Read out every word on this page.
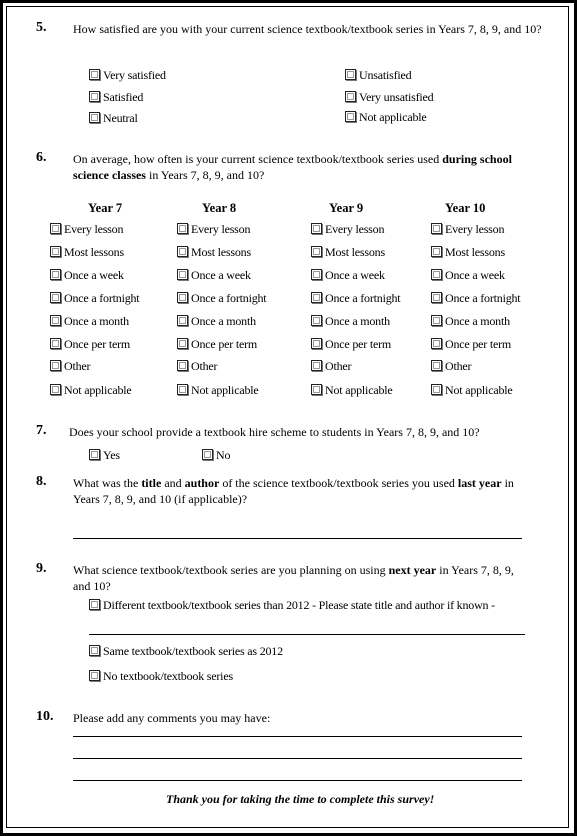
5. How satisfied are you with your current science textbook/textbook series in Years 7, 8, 9, and 10?
Very satisfied
Satisfied
Neutral
Unsatisfied
Very unsatisfied
Not applicable
6. On average, how often is your current science textbook/textbook series used during school science classes in Years 7, 8, 9, and 10?
Year 7	Year 8	Year 9	Year 10
Every lesson	Every lesson	Every lesson	Every lesson
Most lessons	Most lessons	Most lessons	Most lessons
Once a week	Once a week	Once a week	Once a week
Once a fortnight	Once a fortnight	Once a fortnight	Once a fortnight
Once a month	Once a month	Once a month	Once a month
Once per term	Once per term	Once per term	Once per term
Other	Other	Other	Other
Not applicable	Not applicable	Not applicable	Not applicable
7. Does your school provide a textbook hire scheme to students in Years 7, 8, 9, and 10?
Yes	No
8. What was the title and author of the science textbook/textbook series you used last year in Years 7, 8, 9, and 10 (if applicable)?
9. What science textbook/textbook series are you planning on using next year in Years 7, 8, 9, and 10?
Different textbook/textbook series than 2012 - Please state title and author if known -
Same textbook/textbook series as 2012
No textbook/textbook series
10. Please add any comments you may have:
Thank you for taking the time to complete this survey!
